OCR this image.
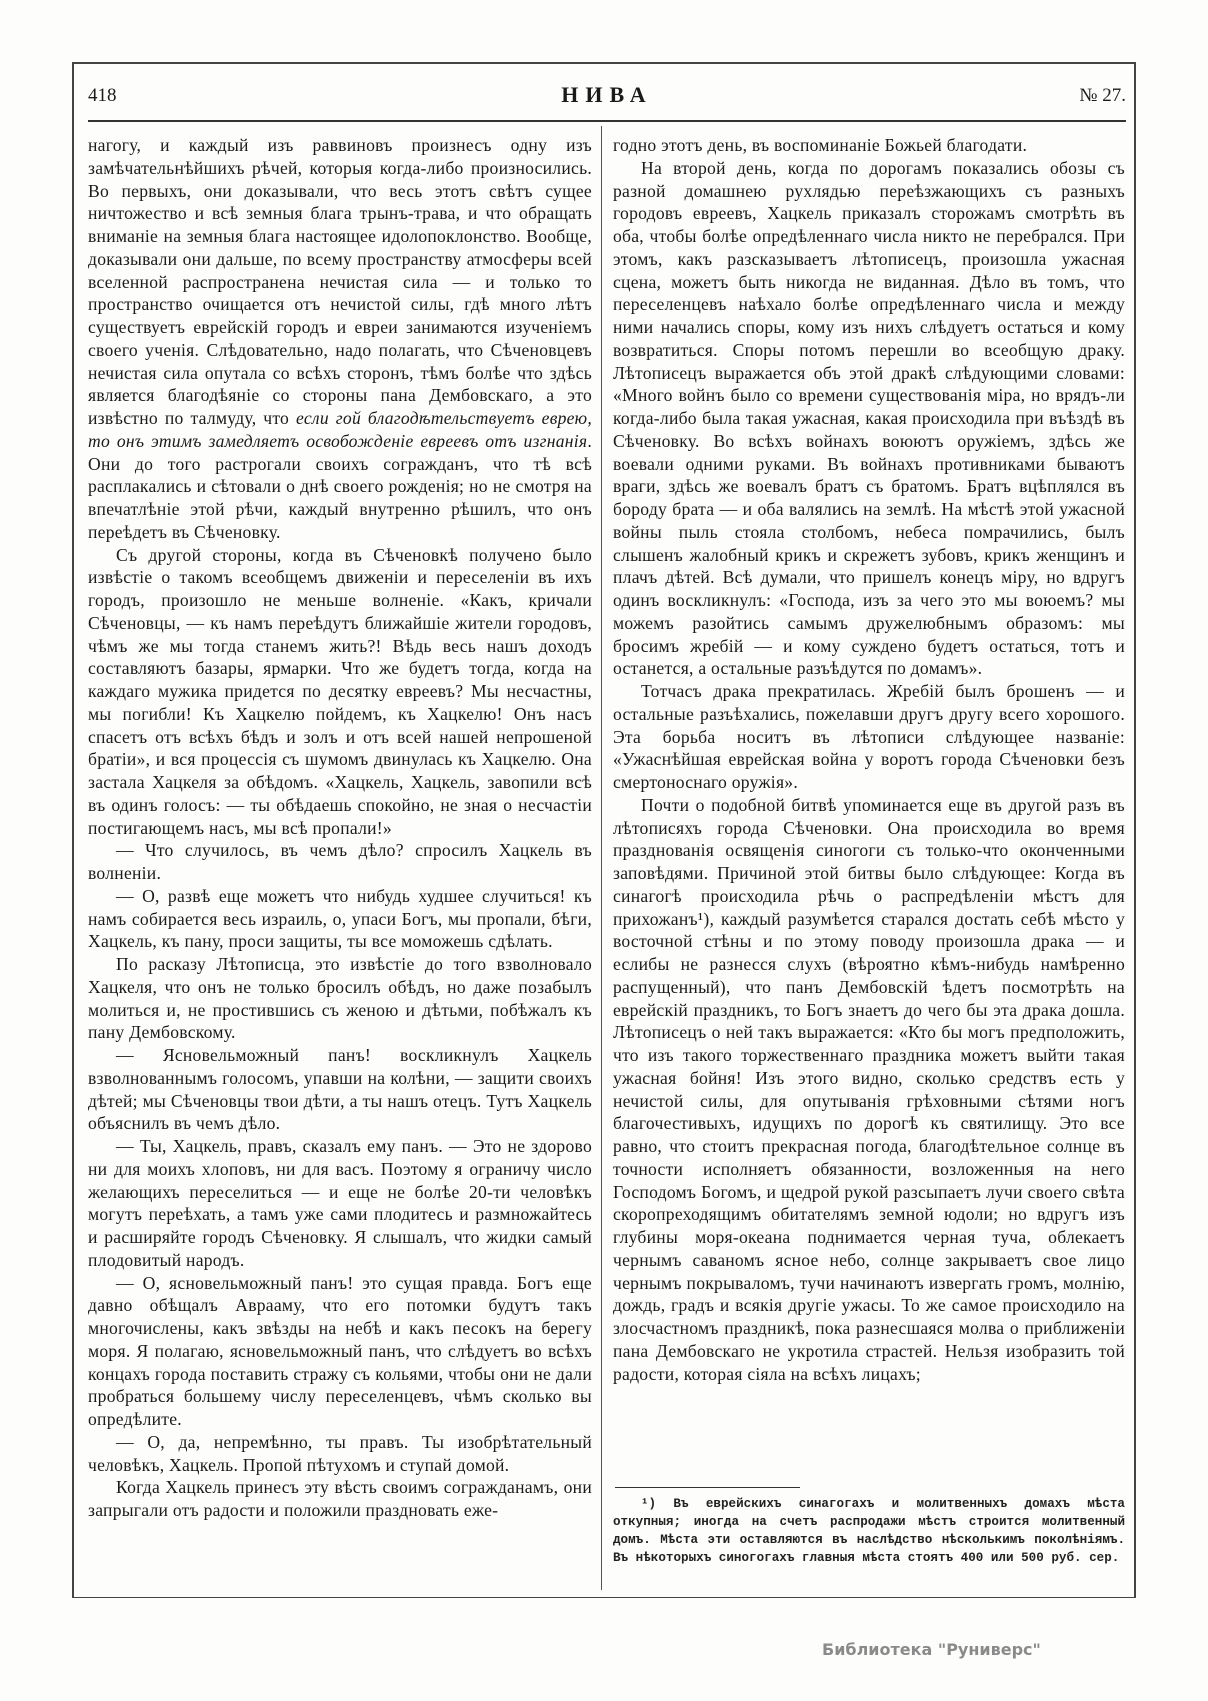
418	НИВА	№ 27.

нагогу, и каждый изъ раввиновъ произнесъ одну изъ замѣчательнѣйшихъ рѣчей, которыя когда-либо произносились. Во первыхъ, они доказывали, что весь этотъ свѣтъ сущее ничтожество и всѣ земныя блага трынъ-трава, и что обращать вниманіе на земныя блага настоящее идолопоклонство. Вообще, доказывали они дальше, по всему пространству атмосферы всей вселенной распространена нечистая сила — и только то пространство очищается отъ нечистой силы, гдѣ много лѣтъ существуетъ еврейскій городъ и евреи занимаются изученіемъ своего ученія. Слѣдовательно, надо полагать, что Сѣченовцевъ нечистая сила опутала со всѣхъ сторонъ, тѣмъ болѣе что здѣсь является благодѣяніе со стороны пана Дембовскаго, а это извѣстно по талмуду, что если гой благодѣтельствуетъ еврею, то онъ этимъ замедляетъ освобожденіе евреевъ отъ изгнанія. Они до того растрогали своихъ согражданъ, что тѣ всѣ расплакались и сѣтовали о днѣ своего рожденія; но не смотря на впечатлѣніе этой рѣчи, каждый внутренно рѣшилъ, что онъ переѣдетъ въ Сѣченовку.

Съ другой стороны, когда въ Сѣченовкѣ получено было извѣстіе о такомъ всеобщемъ движеніи и переселеніи въ ихъ городъ, произошло не меньше волненіе. «Какъ, кричали Сѣченовцы, — къ намъ переѣдутъ ближайшіе жители городовъ, чѣмъ же мы тогда станемъ жить?! Вѣдь весь нашъ доходъ составляютъ базары, ярмарки. Что же будетъ тогда, когда на каждаго мужика придется по десятку евреевъ? Мы несчастны, мы погибли! Къ Хацкелю пойдемъ, къ Хацкелю! Онъ насъ спасетъ отъ всѣхъ бѣдъ и золъ и отъ всей нашей непрошеной братіи», и вся процессія съ шумомъ двинулась къ Хацкелю. Она застала Хацкеля за обѣдомъ. «Хацкель, Хацкель, завопили всѣ въ одинъ голосъ: — ты обѣдаешь спокойно, не зная о несчастіи постигающемъ насъ, мы всѣ пропали!»

— Что случилось, въ чемъ дѣло? спросилъ Хацкель въ волненіи.

— О, развѣ еще можетъ что нибудь худшее случиться! къ намъ собирается весь израиль, о, упаси Богъ, мы пропали, бѣги, Хацкель, къ пану, проси защиты, ты все моможешь сдѣлать.

По расказу Лѣтописца, это извѣстіе до того взволновало Хацкеля, что онъ не только бросилъ обѣдъ, но даже позабылъ молиться и, не простившись съ женою и дѣтьми, побѣжалъ къ пану Дембовскому.

— Ясновельможный панъ! воскликнулъ Хацкель взволнованнымъ голосомъ, упавши на колѣни, — защити своихъ дѣтей; мы Сѣченовцы твои дѣти, а ты нашъ отецъ. Тутъ Хацкель объяснилъ въ чемъ дѣло.

— Ты, Хацкель, правъ, сказалъ ему панъ. — Это не здорово ни для моихъ хлоповъ, ни для васъ. Поэтому я ограничу число желающихъ переселиться — и еще не болѣе 20-ти человѣкъ могутъ переѣхать, а тамъ уже сами плодитесь и размножайтесь и расширяйте городъ Сѣченовку. Я слышалъ, что жидки самый плодовитый народъ.

— О, ясновельможный панъ! это сущая правда. Богъ еще давно обѣщалъ Аврааму, что его потомки будутъ такъ многочислены, какъ звѣзды на небѣ и какъ песокъ на берегу моря. Я полагаю, ясновельможный панъ, что слѣдуетъ во всѣхъ концахъ города поставить стражу съ кольями, чтобы они не дали пробраться большему числу переселенцевъ, чѣмъ сколько вы опредѣлите.

— О, да, непремѣнно, ты правъ. Ты изобрѣтательный человѣкъ, Хацкель. Пропой пѣтухомъ и ступай домой.

Когда Хацкель принесъ эту вѣсть своимъ согражданамъ, они запрыгали отъ радости и положили праздновать еже-

годно этотъ день, въ воспоминаніе Божьей благодати.

На второй день, когда по дорогамъ показались обозы съ разной домашнею рухлядью переѣзжающихъ съ разныхъ городовъ евреевъ, Хацкель приказалъ сторожамъ смотрѣть въ оба, чтобы болѣе опредѣленнаго числа никто не перебрался. При этомъ, какъ разсказываетъ лѣтописецъ, произошла ужасная сцена, можетъ быть никогда не виданная. Дѣло въ томъ, что переселенцевъ наѣхало болѣе опредѣленнаго числа и между ними начались споры, кому изъ нихъ слѣдуетъ остаться и кому возвратиться. Споры потомъ перешли во всеобщую драку. Лѣтописецъ выражается объ этой дракѣ слѣдующими словами: «Много войнъ было со времени существованія міра, но врядъ-ли когда-либо была такая ужасная, какая происходила при въѣздѣ въ Сѣченовку. Во всѣхъ войнахъ воюютъ оружіемъ, здѣсь же воевали одними руками. Въ войнахъ противниками бываютъ враги, здѣсь же воевалъ братъ съ братомъ. Братъ вцѣплялся въ бороду брата — и оба валялись на землѣ. На мѣстѣ этой ужасной войны пыль стояла столбомъ, небеса помрачились, былъ слышенъ жалобный крикъ и скрежетъ зубовъ, крикъ женщинъ и плачъ дѣтей. Всѣ думали, что пришелъ конецъ міру, но вдругъ одинъ воскликнулъ: «Господа, изъ за чего это мы воюемъ? мы можемъ разойтись самымъ дружелюбнымъ образомъ: мы бросимъ жребій — и кому суждено будетъ остаться, тотъ и останется, а остальные разъѣдутся по домамъ».

Тотчасъ драка прекратилась. Жребій былъ брошенъ — и остальные разъѣхались, пожелавши другъ другу всего хорошого. Эта борьба носитъ въ лѣтописи слѣдующее названіе: «Ужаснѣйшая еврейская война у воротъ города Сѣченовки безъ смертоноснаго оружія».

Почти о подобной битвѣ упоминается еще въ другой разъ въ лѣтописяхъ города Сѣченовки. Она происходила во время празднованія освященія синогоги съ только-что оконченными заповѣдями. Причиной этой битвы было слѣдующее: Когда въ синагогѣ происходила рѣчь о распредѣленіи мѣстъ для прихожанъ¹), каждый разумѣется старался достать себѣ мѣсто у восточной стѣны и по этому поводу произошла драка — и еслибы не разнесся слухъ (вѣроятно кѣмъ-нибудь намѣренно распущенный), что панъ Дембовскій ѣдетъ посмотрѣть на еврейскій праздникъ, то Богъ знаетъ до чего бы эта драка дошла. Лѣтописецъ о ней такъ выражается: «Кто бы могъ предположить, что изъ такого торжественнаго праздника можетъ выйти такая ужасная бойня! Изъ этого видно, сколько средствъ есть у нечистой силы, для опутыванія грѣховными сѣтями ногъ благочестивыхъ, идущихъ по дорогѣ къ святилищу. Это все равно, что стоитъ прекрасная погода, благодѣтельное солнце въ точности исполняетъ обязанности, возложенныя на него Господомъ Богомъ, и щедрой рукой разсыпаетъ лучи своего свѣта скоропреходящимъ обитателямъ земной юдоли; но вдругъ изъ глубины моря-океана поднимается черная туча, облекаетъ чернымъ саваномъ ясное небо, солнце закрываетъ свое лицо чернымъ покрываломъ, тучи начинаютъ извергать громъ, молнію, дождь, градъ и всякія другіе ужасы. То же самое происходило на злосчастномъ праздникѣ, пока разнесшаяся молва о приближеніи пана Дембовскаго не укротила страстей. Нельзя изобразить той радости, которая сіяла на всѣхъ лицахъ;

¹) Въ еврейскихъ синагогахъ и молитвенныхъ домахъ мѣста откупныя; иногда на счетъ распродажи мѣстъ строится молитвенный домъ. Мѣста эти оставляются въ наслѣдство нѣсколькимъ поколѣніямъ. Въ нѣкоторыхъ синогогахъ главныя мѣста стоятъ 400 или 500 руб. сер.
Библиотека "Руниверс"
